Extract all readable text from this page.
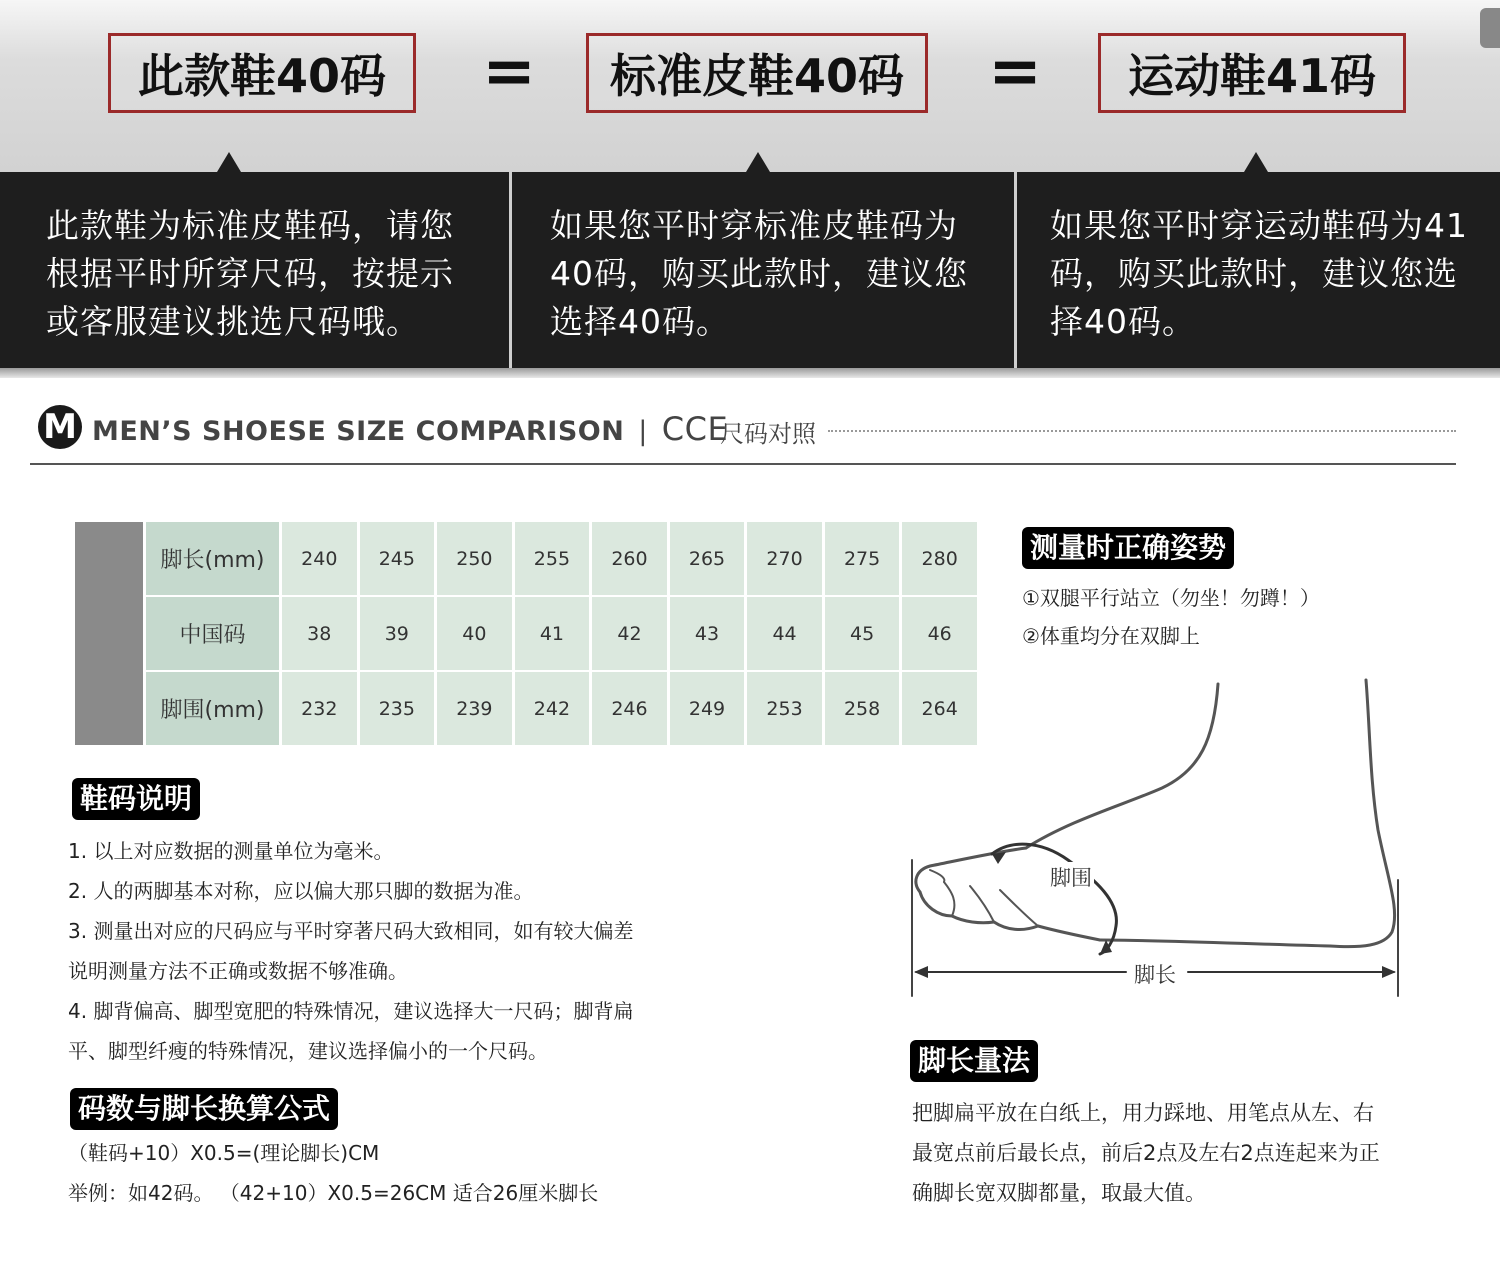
此款鞋40码	=	标准皮鞋40码	=	运动鞋41码
此款鞋为标准皮鞋码，请您
根据平时所穿尺码，按提示
或客服建议挑选尺码哦。
如果您平时穿标准皮鞋码为
40码，购买此款时，建议您
选择40码。
如果您平时穿运动鞋码为41
码，购买此款时，建议您选
择40码。
M MEN’S SHOESE SIZE COMPARISON | CCE
尺码对照
	脚长(mm)	240	245	250	255	260	265	270	275	280
	中国码	38	39	40	41	42	43	44	45	46
	脚围(mm)	232	235	239	242	246	249	253	258	264
测量时正确姿势
①双腿平行站立（勿坐！勿蹲！）
②体重均分在双脚上
脚围
脚长
脚长量法
把脚扁平放在白纸上，用力踩地、用笔点从左、右
最宽点前后最长点，前后2点及左右2点连起来为正
确脚长宽双脚都量，取最大值。
鞋码说明

1. 以上对应数据的测量单位为毫米。

2. 人的两脚基本对称，应以偏大那只脚的数据为准。

3. 测量出对应的尺码应与平时穿著尺码大致相同，如有较大偏差

说明测量方法不正确或数据不够准确。

4. 脚背偏高、脚型宽肥的特殊情况，建议选择大一尺码；脚背扁

平、脚型纤瘦的特殊情况，建议选择偏小的一个尺码。

码数与脚长换算公式

（鞋码+10）X0.5=(理论脚长)CM

举例：如42码。 （42+10）X0.5=26CM 适合26厘米脚长
